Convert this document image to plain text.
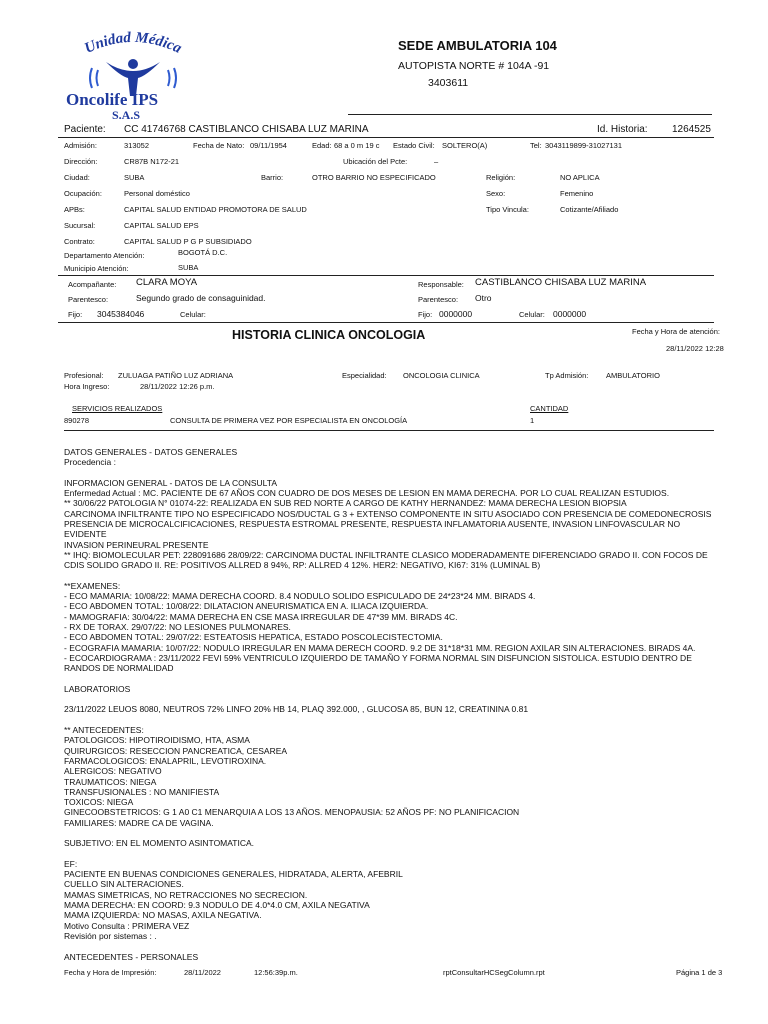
Unidad Médica
Oncolife IPS
S.A.S
SEDE AMBULATORIA 104
AUTOPISTA NORTE # 104A -91
3403611
Paciente: CC 41746768 CASTIBLANCO CHISABA LUZ MARINA	Id. Historia: 1264525
Admisión:	313052	Fecha de Nato: 09/11/1954	Edad: 68 a 0 m 19 c Estado Civil: SOLTERO(A)	Tel: 3043119899-31027131
Dirección:	CR87B N172-21	Ubicación del Pcte:	–
Ciudad:	SUBA	Barrio:	OTRO BARRIO NO ESPECIFICADO	Religión:	NO APLICA
Ocupación:	Personal doméstico	Sexo:	Femenino
APBs:	CAPITAL SALUD ENTIDAD PROMOTORA DE SALUD	Tipo Vincula:	Cotizante/Afiliado
Sucursal:	CAPITAL SALUD EPS
Contrato:	CAPITAL SALUD P G P SUBSIDIADO
Departamento Atención:	BOGOTÁ D.C.
Municipio Atención:	SUBA
Acompañante: CLARA MOYA	Responsable: CASTIBLANCO CHISABA LUZ MARINA
Parentesco:	Segundo grado de consaguinidad.	Parentesco: Otro
Fijo: 3045384046	Celular:	Fijo: 0000000	Celular: 0000000
HISTORIA CLINICA ONCOLOGIA	Fecha y Hora de atención:
28/11/2022 12:28
Profesional: ZULUAGA PATIÑO LUZ ADRIANA	Especialidad: ONCOLOGIA CLINICA	Tp Admisión: AMBULATORIO
Hora Ingreso:	28/11/2022 12:26 p.m.
SERVICIOS REALIZADOS	CANTIDAD
890278	CONSULTA DE PRIMERA VEZ POR ESPECIALISTA EN ONCOLOGÍA	1
DATOS GENERALES - DATOS GENERALES
Procedencia :
INFORMACION GENERAL - DATOS DE LA CONSULTA
Enfermedad Actual : MC. PACIENTE DE 67 AÑOS CON CUADRO DE DOS MESES DE LESION EN MAMA DERECHA. POR LO CUAL REALIZAN ESTUDIOS.
** 30/06/22 PATOLOGIA N° 01074-22: REALIZADA EN SUB RED NORTE A CARGO DE KATHY HERNANDEZ: MAMA DERECHA LESION BIOPSIA
CARCINOMA INFILTRANTE TIPO NO ESPECIFICADO NOS/DUCTAL G 3 + EXTENSO COMPONENTE IN SITU ASOCIADO CON PRESENCIA DE COMEDONECROSIS
PRESENCIA DE MICROCALCIFICACIONES, RESPUESTA ESTROMAL PRESENTE, RESPUESTA INFLAMATORIA AUSENTE, INVASION LINFOVASCULAR NO
EVIDENTE
INVASION PERINEURAL PRESENTE
** IHQ: BIOMOLECULAR PET: 228091686 28/09/22: CARCINOMA DUCTAL INFILTRANTE CLASICO MODERADAMENTE DIFERENCIADO GRADO II. CON FOCOS DE
CDIS SOLIDO GRADO II. RE: POSITIVOS ALLRED 8 94%, RP: ALLRED 4 12%. HER2: NEGATIVO, KI67: 31% (LUMINAL B)
**EXAMENES:
- ECO MAMARIA: 10/08/22: MAMA DERECHA COORD. 8.4 NODULO SOLIDO ESPICULADO DE 24*23*24 MM. BIRADS 4.
- ECO ABDOMEN TOTAL: 10/08/22: DILATACION ANEURISMATICA EN A. ILIACA IZQUIERDA.
- MAMOGRAFIA: 30/04/22: MAMA DERECHA EN CSE MASA IRREGULAR DE 47*39 MM. BIRADS 4C.
- RX DE TORAX. 29/07/22: NO LESIONES PULMONARES.
- ECO ABDOMEN TOTAL: 29/07/22: ESTEATOSIS HEPATICA, ESTADO POSCOLECISTECTOMIA.
- ECOGRAFIA MAMARIA: 10/07/22: NODULO IRREGULAR EN MAMA DERECH COORD. 9.2 DE 31*18*31 MM. REGION AXILAR SIN ALTERACIONES. BIRADS 4A.
- ECOCARDIOGRAMA : 23/11/2022 FEVI 59% VENTRICULO IZQUIERDO DE TAMAÑO Y FORMA NORMAL SIN DISFUNCION SISTOLICA. ESTUDIO DENTRO DE
RANDOS DE NORMALIDAD
LABORATORIOS
23/11/2022 LEUOS 8080, NEUTROS 72% LINFO 20% HB 14, PLAQ 392.000, , GLUCOSA 85, BUN 12, CREATININA 0.81
** ANTECEDENTES:
PATOLOGICOS: HIPOTIROIDISMO, HTA, ASMA
QUIRURGICOS: RESECCION PANCREATICA, CESAREA
FARMACOLOGICOS: ENALAPRIL, LEVOTIROXINA.
ALERGICOS: NEGATIVO
TRAUMATICOS: NIEGA
TRANSFUSIONALES : NO MANIFIESTA
TOXICOS: NIEGA
GINECOOBSTETRICOS: G 1 A0 C1 MENARQUIA A LOS 13 AÑOS. MENOPAUSIA: 52 AÑOS PF: NO PLANIFICACION
FAMILIARES: MADRE CA DE VAGINA.
SUBJETIVO: EN EL MOMENTO ASINTOMATICA.
EF:
PACIENTE EN BUENAS CONDICIONES GENERALES, HIDRATADA, ALERTA, AFEBRIL
CUELLO SIN ALTERACIONES.
MAMAS SIMETRICAS, NO RETRACCIONES NO SECRECION.
MAMA DERECHA: EN COORD: 9.3 NODULO DE 4.0*4.0 CM, AXILA NEGATIVA
MAMA IZQUIERDA: NO MASAS, AXILA NEGATIVA.
Motivo Consulta : PRIMERA VEZ
Revisión por sistemas : .
ANTECEDENTES - PERSONALES
Fecha y Hora de Impresión:	28/11/2022	12:56:39p.m.	rptConsultarHCSegColumn.rpt	Página 1 de 3
